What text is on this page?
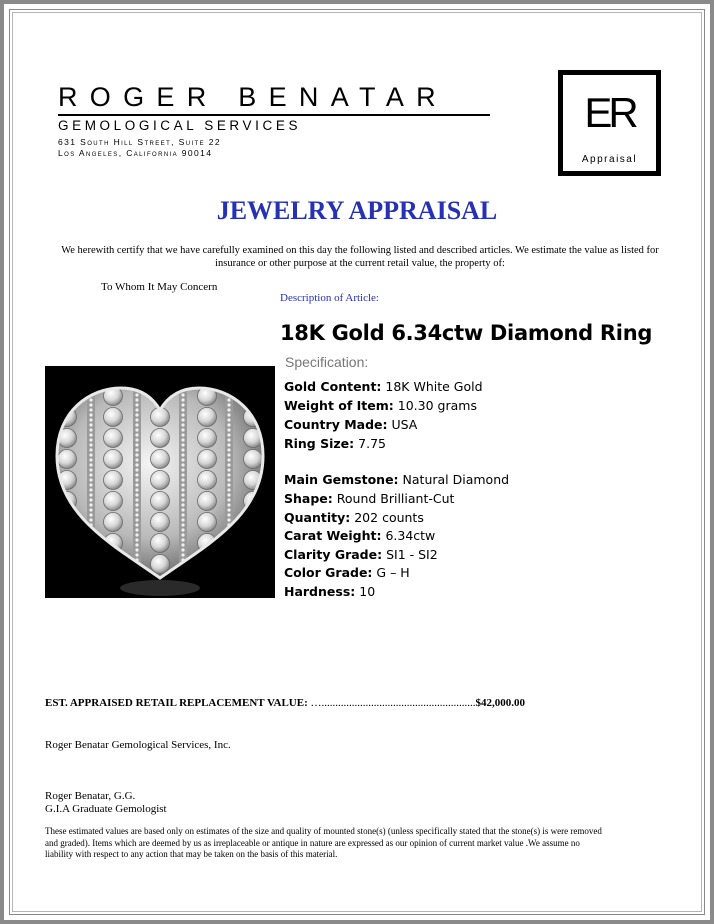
ROGER BENATAR
GEMOLOGICAL SERVICES
631 South Hill Street, Suite 22
Los Angeles, California 90014
ER
Appraisal
JEWELRY APPRAISAL
We herewith certify that we have carefully examined on this day the following listed and described articles. We estimate the value as listed for insurance or other purpose at the current retail value, the property of:
To Whom It May Concern
Description of Article:
18K Gold 6.34ctw Diamond Ring
Specification:
Gold Content: 18K White Gold
Weight of Item: 10.30 grams
Country Made: USA
Ring Size: 7.75
Main Gemstone: Natural Diamond
Shape: Round Brilliant-Cut
Quantity: 202 counts
Carat Weight: 6.34ctw
Clarity Grade: SI1 - SI2
Color Grade: G – H
Hardness: 10
EST. APPRAISED RETAIL REPLACEMENT VALUE: …........................................................$42,000.00
Roger Benatar Gemological Services, Inc.
Roger Benatar, G.G.
G.I.A Graduate Gemologist
These estimated values are based only on estimates of the size and quality of mounted stone(s) (unless specifically stated that the stone(s) is were removed and graded). Items which are deemed by us as irreplaceable or antique in nature are expressed as our opinion of current market value .We assume no liability with respect to any action that may be taken on the basis of this material.
